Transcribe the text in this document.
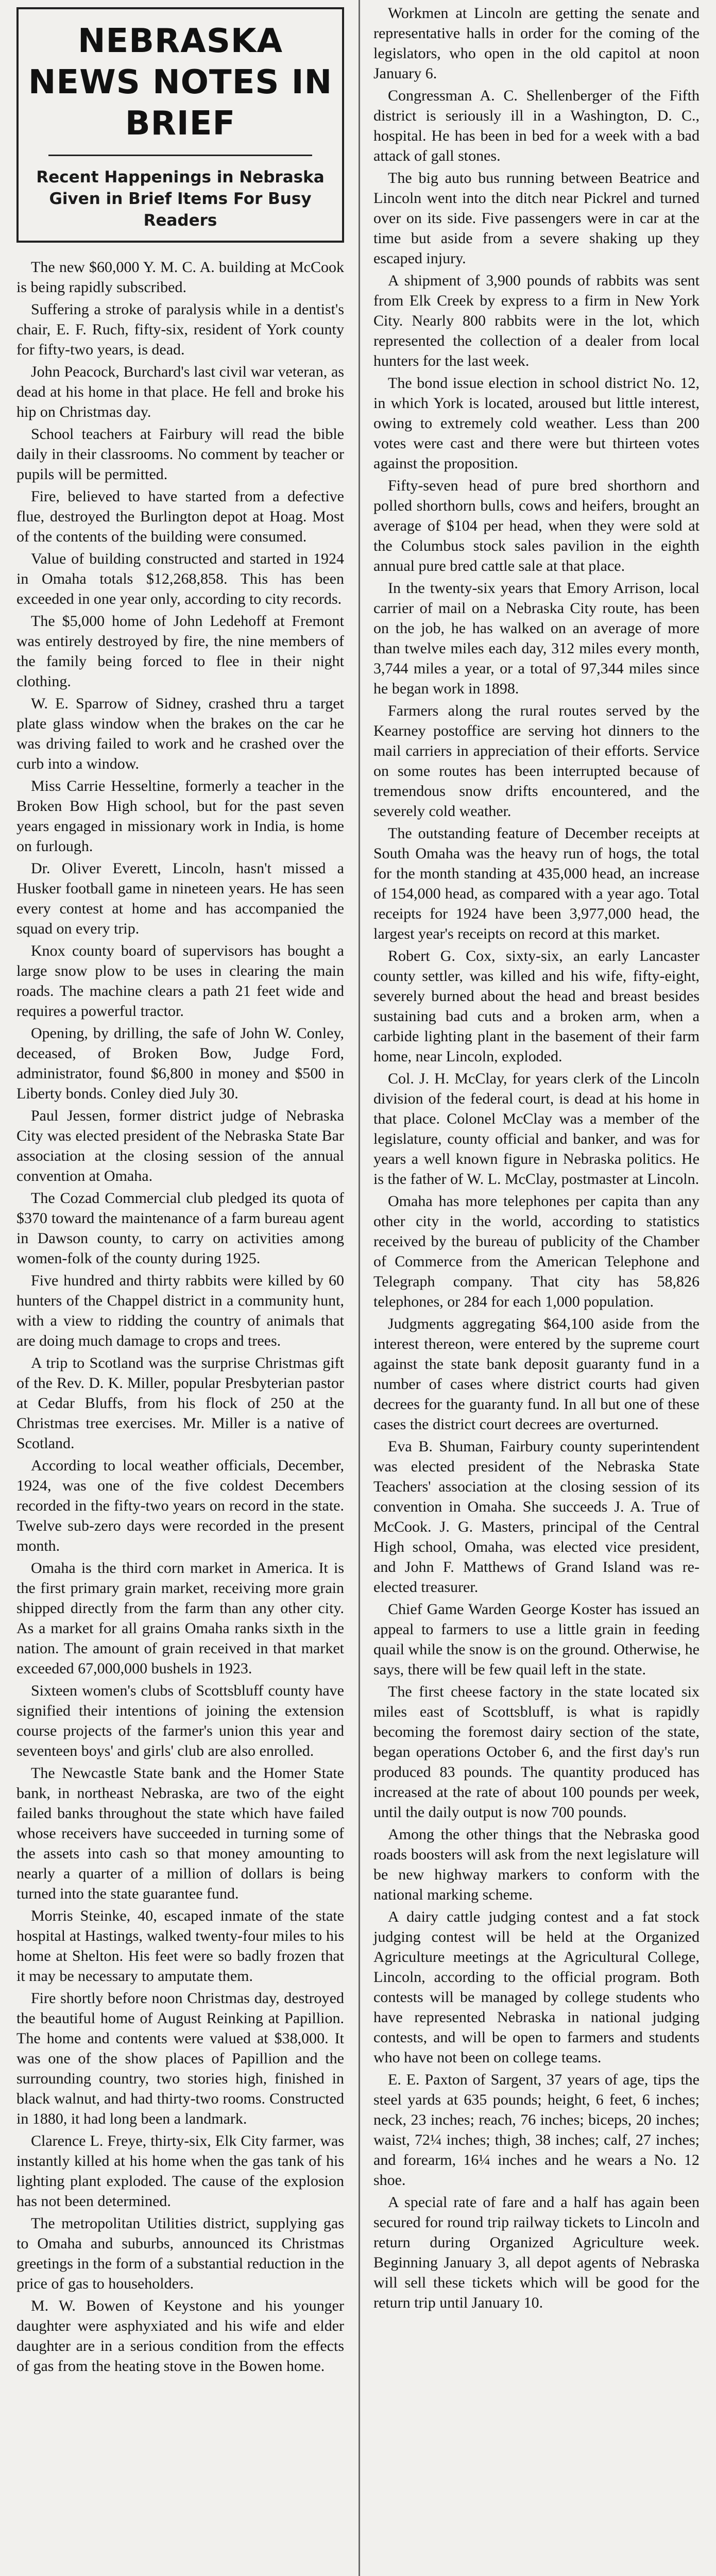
NEBRASKA NEWS NOTES IN BRIEF

Recent Happenings in Nebraska Given in Brief Items For Busy Readers

The new $60,000 Y. M. C. A. building at McCook is being rapidly subscribed.

Suffering a stroke of paralysis while in a dentist's chair, E. F. Ruch, fifty-six, resident of York county for fifty-two years, is dead.

John Peacock, Burchard's last civil war veteran, as dead at his home in that place. He fell and broke his hip on Christmas day.

School teachers at Fairbury will read the bible daily in their classrooms. No comment by teacher or pupils will be permitted.

Fire, believed to have started from a defective flue, destroyed the Burlington depot at Hoag. Most of the contents of the building were consumed.

Value of building constructed and started in 1924 in Omaha totals $12,268,858. This has been exceeded in one year only, according to city records.

The $5,000 home of John Ledehoff at Fremont was entirely destroyed by fire, the nine members of the family being forced to flee in their night clothing.

W. E. Sparrow of Sidney, crashed thru a target plate glass window when the brakes on the car he was driving failed to work and he crashed over the curb into a window.

Miss Carrie Hesseltine, formerly a teacher in the Broken Bow High school, but for the past seven years engaged in missionary work in India, is home on furlough.

Dr. Oliver Everett, Lincoln, hasn't missed a Husker football game in nineteen years. He has seen every contest at home and has accompanied the squad on every trip.

Knox county board of supervisors has bought a large snow plow to be uses in clearing the main roads. The machine clears a path 21 feet wide and requires a powerful tractor.

Opening, by drilling, the safe of John W. Conley, deceased, of Broken Bow, Judge Ford, administrator, found $6,800 in money and $500 in Liberty bonds. Conley died July 30.

Paul Jessen, former district judge of Nebraska City was elected president of the Nebraska State Bar association at the closing session of the annual convention at Omaha.

The Cozad Commercial club pledged its quota of $370 toward the maintenance of a farm bureau agent in Dawson county, to carry on activities among women-folk of the county during 1925.

Five hundred and thirty rabbits were killed by 60 hunters of the Chappel district in a community hunt, with a view to ridding the country of animals that are doing much damage to crops and trees.

A trip to Scotland was the surprise Christmas gift of the Rev. D. K. Miller, popular Presbyterian pastor at Cedar Bluffs, from his flock of 250 at the Christmas tree exercises. Mr. Miller is a native of Scotland.

According to local weather officials, December, 1924, was one of the five coldest Decembers recorded in the fifty-two years on record in the state. Twelve sub-zero days were recorded in the present month.

Omaha is the third corn market in America. It is the first primary grain market, receiving more grain shipped directly from the farm than any other city. As a market for all grains Omaha ranks sixth in the nation. The amount of grain received in that market exceeded 67,000,000 bushels in 1923.

Sixteen women's clubs of Scottsbluff county have signified their intentions of joining the extension course projects of the farmer's union this year and seventeen boys' and girls' club are also enrolled.

The Newcastle State bank and the Homer State bank, in northeast Nebraska, are two of the eight failed banks throughout the state which have failed whose receivers have succeeded in turning some of the assets into cash so that money amounting to nearly a quarter of a million of dollars is being turned into the state guarantee fund.

Morris Steinke, 40, escaped inmate of the state hospital at Hastings, walked twenty-four miles to his home at Shelton. His feet were so badly frozen that it may be necessary to amputate them.

Fire shortly before noon Christmas day, destroyed the beautiful home of August Reinking at Papillion. The home and contents were valued at $38,000. It was one of the show places of Papillion and the surrounding country, two stories high, finished in black walnut, and had thirty-two rooms. Constructed in 1880, it had long been a landmark.

Clarence L. Freye, thirty-six, Elk City farmer, was instantly killed at his home when the gas tank of his lighting plant exploded. The cause of the explosion has not been determined.

The metropolitan Utilities district, supplying gas to Omaha and suburbs, announced its Christmas greetings in the form of a substantial reduction in the price of gas to householders.

M. W. Bowen of Keystone and his younger daughter were asphyxiated and his wife and elder daughter are in a serious condition from the effects of gas from the heating stove in the Bowen home.

Workmen at Lincoln are getting the senate and representative halls in order for the coming of the legislators, who open in the old capitol at noon January 6.

Congressman A. C. Shellenberger of the Fifth district is seriously ill in a Washington, D. C., hospital. He has been in bed for a week with a bad attack of gall stones.

The big auto bus running between Beatrice and Lincoln went into the ditch near Pickrel and turned over on its side. Five passengers were in car at the time but aside from a severe shaking up they escaped injury.

A shipment of 3,900 pounds of rabbits was sent from Elk Creek by express to a firm in New York City. Nearly 800 rabbits were in the lot, which represented the collection of a dealer from local hunters for the last week.

The bond issue election in school district No. 12, in which York is located, aroused but little interest, owing to extremely cold weather. Less than 200 votes were cast and there were but thirteen votes against the proposition.

Fifty-seven head of pure bred shorthorn and polled shorthorn bulls, cows and heifers, brought an average of $104 per head, when they were sold at the Columbus stock sales pavilion in the eighth annual pure bred cattle sale at that place.

In the twenty-six years that Emory Arrison, local carrier of mail on a Nebraska City route, has been on the job, he has walked on an average of more than twelve miles each day, 312 miles every month, 3,744 miles a year, or a total of 97,344 miles since he began work in 1898.

Farmers along the rural routes served by the Kearney postoffice are serving hot dinners to the mail carriers in appreciation of their efforts. Service on some routes has been interrupted because of tremendous snow drifts encountered, and the severely cold weather.

The outstanding feature of December receipts at South Omaha was the heavy run of hogs, the total for the month standing at 435,000 head, an increase of 154,000 head, as compared with a year ago. Total receipts for 1924 have been 3,977,000 head, the largest year's receipts on record at this market.

Robert G. Cox, sixty-six, an early Lancaster county settler, was killed and his wife, fifty-eight, severely burned about the head and breast besides sustaining bad cuts and a broken arm, when a carbide lighting plant in the basement of their farm home, near Lincoln, exploded.

Col. J. H. McClay, for years clerk of the Lincoln division of the federal court, is dead at his home in that place. Colonel McClay was a member of the legislature, county official and banker, and was for years a well known figure in Nebraska politics. He is the father of W. L. McClay, postmaster at Lincoln.

Omaha has more telephones per capita than any other city in the world, according to statistics received by the bureau of publicity of the Chamber of Commerce from the American Telephone and Telegraph company. That city has 58,826 telephones, or 284 for each 1,000 population.

Judgments aggregating $64,100 aside from the interest thereon, were entered by the supreme court against the state bank deposit guaranty fund in a number of cases where district courts had given decrees for the guaranty fund. In all but one of these cases the district court decrees are overturned.

Eva B. Shuman, Fairbury county superintendent was elected president of the Nebraska State Teachers' association at the closing session of its convention in Omaha. She succeeds J. A. True of McCook. J. G. Masters, principal of the Central High school, Omaha, was elected vice president, and John F. Matthews of Grand Island was re-elected treasurer.

Chief Game Warden George Koster has issued an appeal to farmers to use a little grain in feeding quail while the snow is on the ground. Otherwise, he says, there will be few quail left in the state.

The first cheese factory in the state located six miles east of Scottsbluff, is what is rapidly becoming the foremost dairy section of the state, began operations October 6, and the first day's run produced 83 pounds. The quantity produced has increased at the rate of about 100 pounds per week, until the daily output is now 700 pounds.

Among the other things that the Nebraska good roads boosters will ask from the next legislature will be new highway markers to conform with the national marking scheme.

A dairy cattle judging contest and a fat stock judging contest will be held at the Organized Agriculture meetings at the Agricultural College, Lincoln, according to the official program. Both contests will be managed by college students who have represented Nebraska in national judging contests, and will be open to farmers and students who have not been on college teams.

E. E. Paxton of Sargent, 37 years of age, tips the steel yards at 635 pounds; height, 6 feet, 6 inches; neck, 23 inches; reach, 76 inches; biceps, 20 inches; waist, 72¼ inches; thigh, 38 inches; calf, 27 inches; and forearm, 16¼ inches and he wears a No. 12 shoe.

A special rate of fare and a half has again been secured for round trip railway tickets to Lincoln and return during Organized Agriculture week. Beginning January 3, all depot agents of Nebraska will sell these tickets which will be good for the return trip until January 10.
